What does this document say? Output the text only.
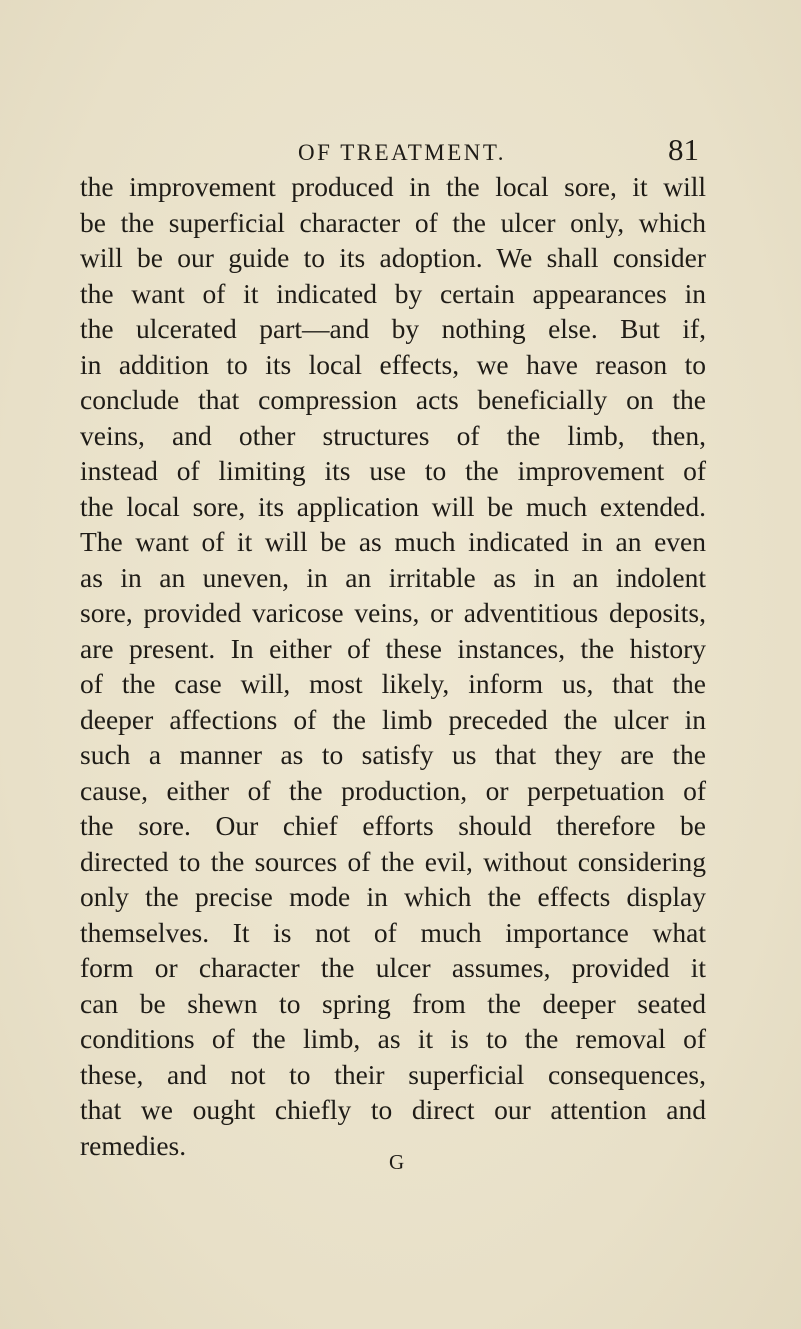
OF TREATMENT.	81
the improvement produced in the local sore, it will
be the superficial character of the ulcer only, which
will be our guide to its adoption. We shall consider
the want of it indicated by certain appearances in
the ulcerated part—and by nothing else. But if,
in addition to its local effects, we have reason to
conclude that compression acts beneficially on the
veins, and other structures of the limb, then,
instead of limiting its use to the improvement of
the local sore, its application will be much extended.
The want of it will be as much indicated in an even
as in an uneven, in an irritable as in an indolent
sore, provided varicose veins, or adventitious deposits,
are present. In either of these instances, the history
of the case will, most likely, inform us, that the
deeper affections of the limb preceded the ulcer in
such a manner as to satisfy us that they are the
cause, either of the production, or perpetuation of
the sore. Our chief efforts should therefore be
directed to the sources of the evil, without considering
only the precise mode in which the effects display
themselves. It is not of much importance what
form or character the ulcer assumes, provided it
can be shewn to spring from the deeper seated
conditions of the limb, as it is to the removal of
these, and not to their superficial consequences,
that we ought chiefly to direct our attention and
remedies.
G
